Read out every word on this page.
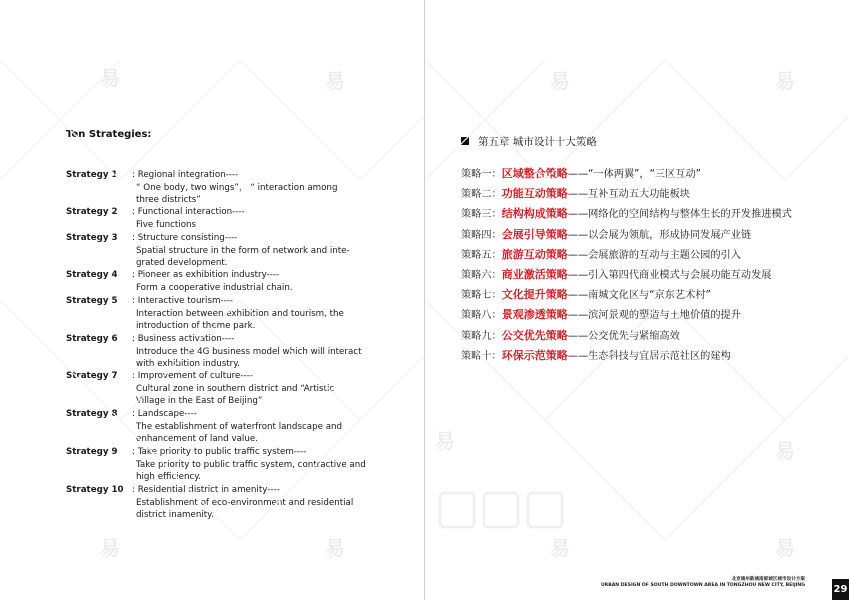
Ten Strategies:
Strategy 1 : Regional integration----
“ One body, two wings”， “ interaction among
three districts”
Strategy 2 : Functional interaction----
Five functions
Strategy 3 : Structure consisting----
Spatial structure in the form of network and inte-
grated development.
Strategy 4 : Pioneer as exhibition industry----
Form a cooperative industrial chain.
Strategy 5 : Interactive tourism----
Interaction between exhibition and tourism, the
introduction of theme park.
Strategy 6 : Business activation----
Introduce the 4G business model which will interact
with exhibition industry.
Strategy 7 : Improvement of culture----
Cultural zone in southern district and “Artistic
Village in the East of Beijing”
Strategy 8 : Landscape----
The establishment of waterfront landscape and
enhancement of land value.
Strategy 9 : Take priority to public traffic system----
Take priority to public traffic system, contractive and
high efficiency.
Strategy 10 : Residential district in amenity----
Establishment of eco-environment and residential
district inamenity.
第五章 城市设计十大策略
策略一：区域整合策略——“一体两翼”，“三区互动”
策略二：功能互动策略——互补互动五大功能板块
策略三：结构构成策略——网络化的空间结构与整体生长的开发推进模式
策略四：会展引导策略——以会展为领航，形成协同发展产业链
策略五：旅游互动策略——会展旅游的互动与主题公园的引入
策略六：商业激活策略——引入第四代商业模式与会展功能互动发展
策略七：文化提升策略——南城文化区与“京东艺术村”
策略八：景观渗透策略——滨河景观的塑造与土地价值的提升
策略九：公交优先策略——公交优先与紧缩高效
策略十：环保示范策略——生态科技与宜居示范社区的建构
易	易	易	易
易	易
易	易	易	易
北京通州新城南部城区城市设计方案
URBAN DESIGN OF SOUTH DOWNTOWN AREA IN TONGZHOU NEW CITY, BEIJING	29
